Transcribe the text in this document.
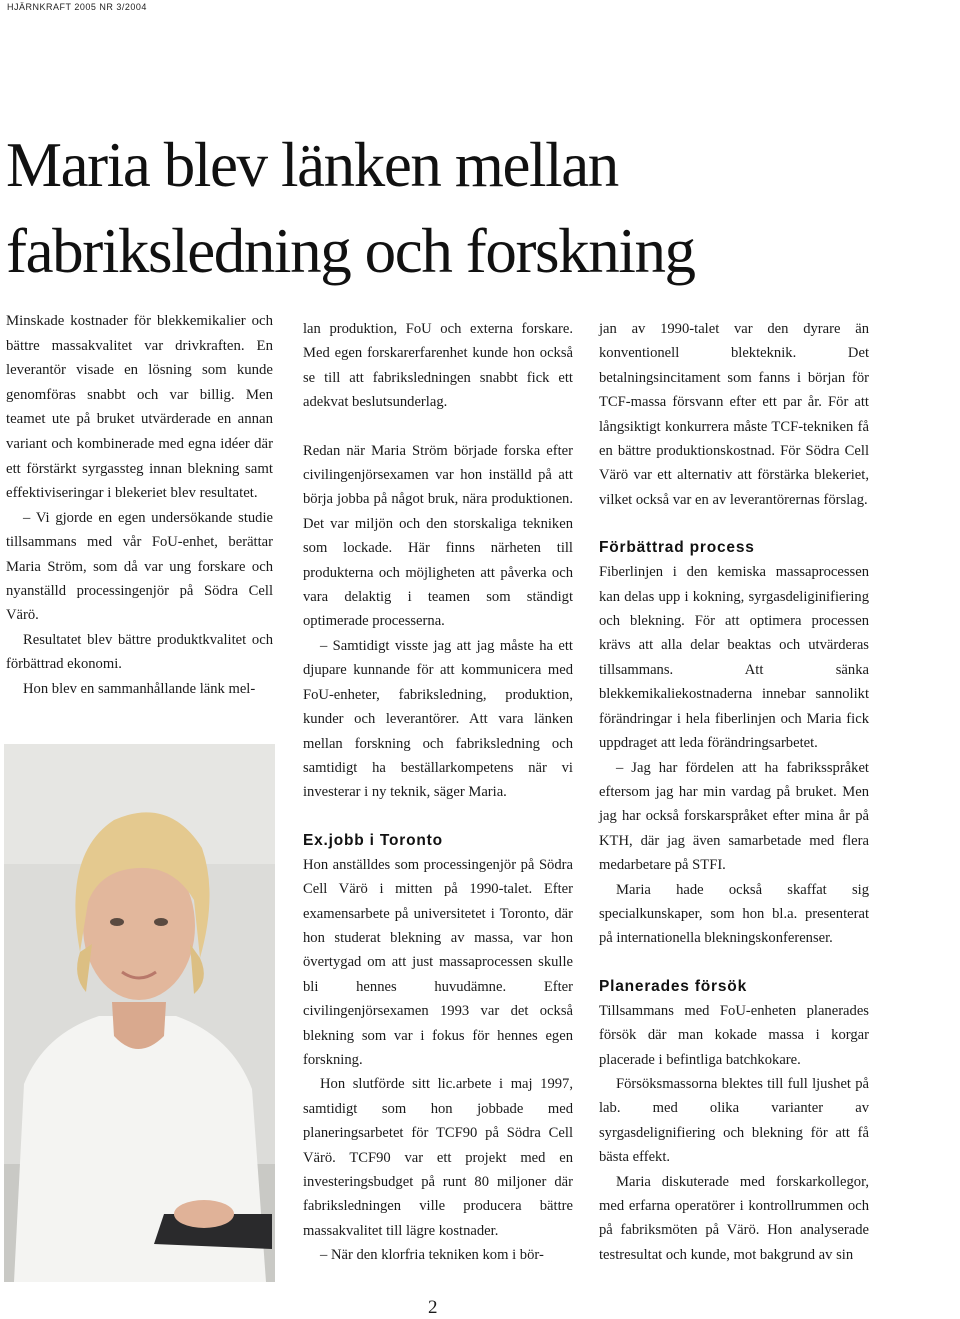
HJÄRNKRAFT 2005 NR 3/2004
Maria blev länken mellan
fabriksledning och forskning

Minskade kostnader för blekkemikalier och bättre massakvalitet var drivkraften. En leverantör visade en lösning som kunde genomföras snabbt och var billig. Men teamet ute på bruket utvärderade en annan variant och kombinerade med egna idéer där ett förstärkt syrgassteg innan blekning samt effektiviseringar i blekeriet blev resultatet.

– Vi gjorde en egen undersökande studie tillsammans med vår FoU-enhet, berättar Maria Ström, som då var ung forskare och nyanställd processingenjör på Södra Cell Värö.

Resultatet blev bättre produktkvalitet och förbättrad ekonomi.

Hon blev en sammanhållande länk mel-

lan produktion, FoU och externa forskare. Med egen forskarerfarenhet kunde hon också se till att fabriksledningen snabbt fick ett adekvat beslutsunderlag.

Redan när Maria Ström började forska efter civilingenjörsexamen var hon inställd på att börja jobba på något bruk, nära produktionen. Det var miljön och den storskaliga tekniken som lockade. Här finns närheten till produkterna och möjligheten att påverka och vara delaktig i teamen som ständigt optimerade processerna.

– Samtidigt visste jag att jag måste ha ett djupare kunnande för att kommunicera med FoU-enheter, fabriksledning, produktion, kunder och leverantörer. Att vara länken mellan forskning och fabriksledning och samtidigt ha beställarkompetens när vi investerar i ny teknik, säger Maria.

Ex.jobb i Toronto

Hon anställdes som processingenjör på Södra Cell Värö i mitten på 1990-talet. Efter examensarbete på universitetet i Toronto, där hon studerat blekning av massa, var hon övertygad om att just massaprocessen skulle bli hennes huvudämne. Efter civilingenjörsexamen 1993 var det också blekning som var i fokus för hennes egen forskning.

Hon slutförde sitt lic.arbete i maj 1997, samtidigt som hon jobbade med planeringsarbetet för TCF90 på Södra Cell Värö. TCF90 var ett projekt med en investeringsbudget på runt 80 miljoner där fabriksledningen ville producera bättre massakvalitet till lägre kostnader.

– När den klorfria tekniken kom i bör-

jan av 1990-talet var den dyrare än konventionell blekteknik. Det betalningsincitament som fanns i början för TCF-massa försvann efter ett par år. För att långsiktigt konkurrera måste TCF-tekniken få en bättre produktionskostnad. För Södra Cell Värö var ett alternativ att förstärka blekeriet, vilket också var en av leverantörernas förslag.

Förbättrad process

Fiberlinjen i den kemiska massaprocessen kan delas upp i kokning, syrgasdeliginifiering och blekning. För att optimera processen krävs att alla delar beaktas och utvärderas tillsammans. Att sänka blekkemikaliekostnaderna innebar sannolikt förändringar i hela fiberlinjen och Maria fick uppdraget att leda förändringsarbetet.

– Jag har fördelen att ha fabriksspråket eftersom jag har min vardag på bruket. Men jag har också forskarspråket efter mina år på KTH, där jag även samarbetade med flera medarbetare på STFI.

Maria hade också skaffat sig specialkunskaper, som hon bl.a. presenterat på internationella blekningskonferenser.

Planerades försök

Tillsammans med FoU-enheten planerades försök där man kokade massa i korgar placerade i befintliga batchkokare.

Försöksmassorna blektes till full ljushet på lab. med olika varianter av syrgasdelignifiering och blekning för att få bästa effekt.

Maria diskuterade med forskarkollegor, med erfarna operatörer i kontrollrummen och på fabriksmöten på Värö. Hon analyserade testresultat och kunde, mot bakgrund av sin

2
